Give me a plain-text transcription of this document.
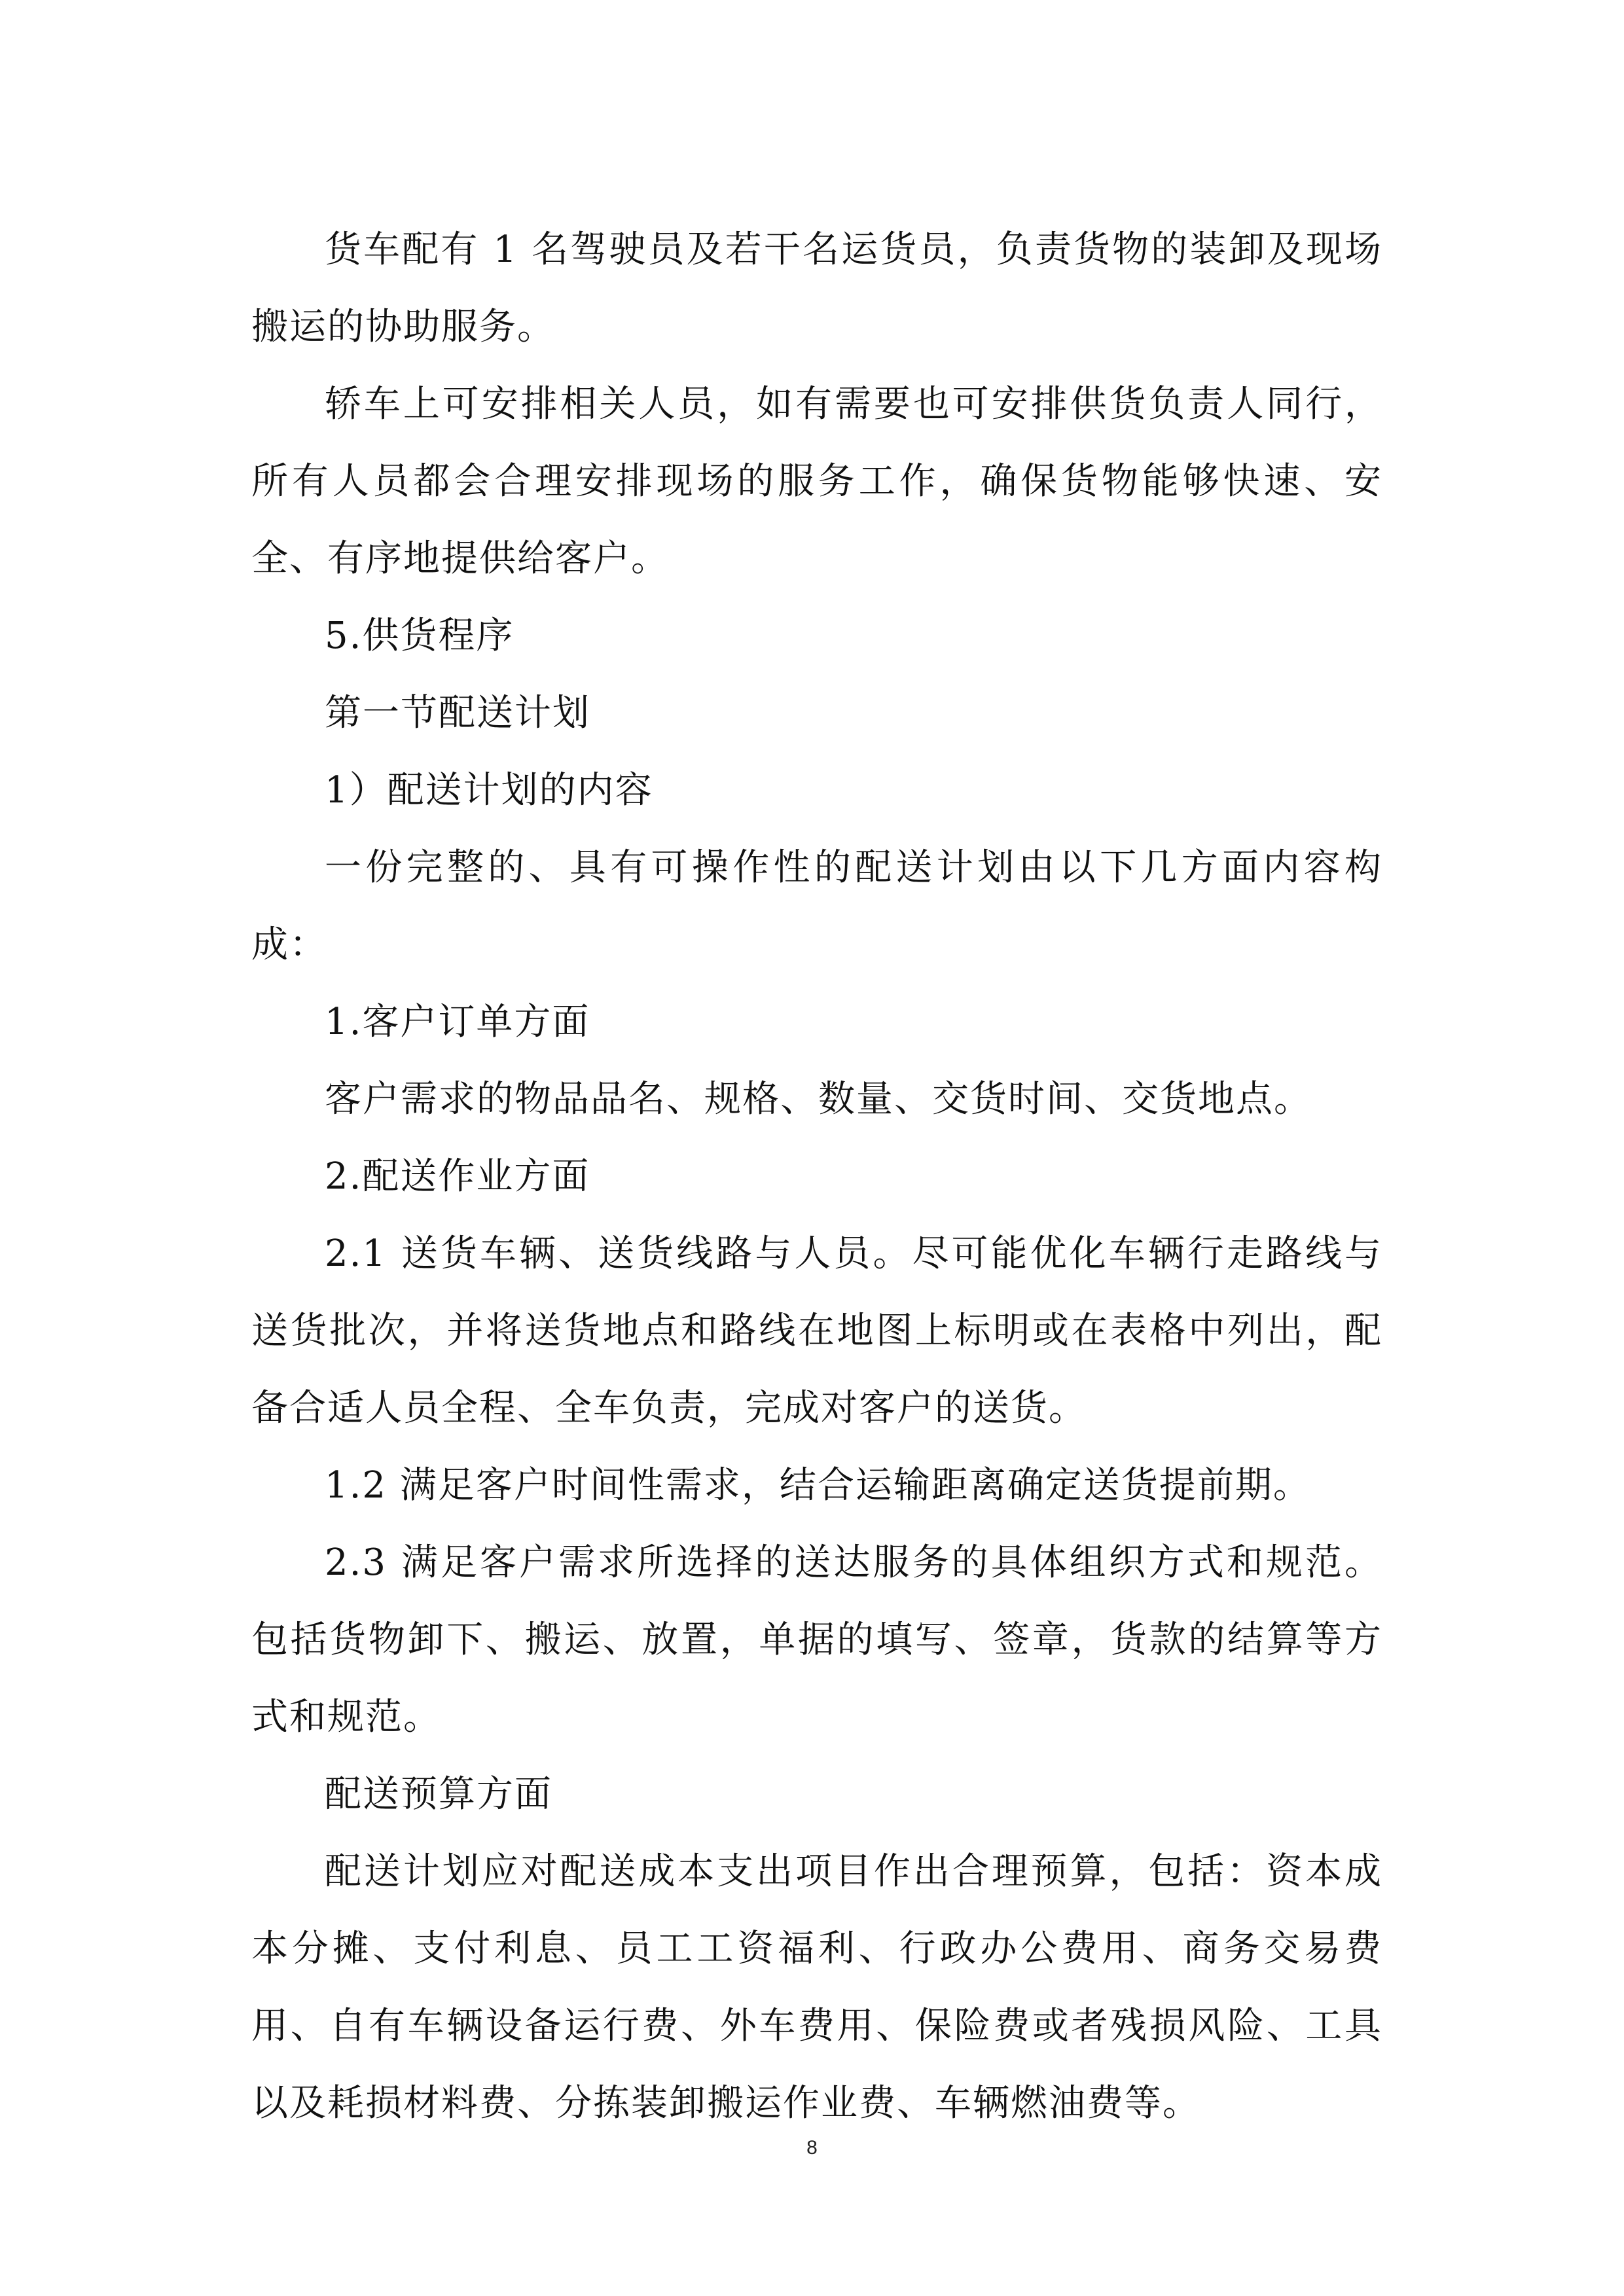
货车配有 1 名驾驶员及若干名运货员，负责货物的装卸及现场搬运的协助服务。

轿车上可安排相关人员，如有需要也可安排供货负责人同行，所有人员都会合理安排现场的服务工作，确保货物能够快速、安全、有序地提供给客户。

5.供货程序

第一节配送计划

1）配送计划的内容

一份完整的、具有可操作性的配送计划由以下几方面内容构成：

1.客户订单方面

客户需求的物品品名、规格、数量、交货时间、交货地点。

2.配送作业方面

2.1 送货车辆、送货线路与人员。尽可能优化车辆行走路线与送货批次，并将送货地点和路线在地图上标明或在表格中列出，配备合适人员全程、全车负责，完成对客户的送货。

1.2 满足客户时间性需求，结合运输距离确定送货提前期。

2.3 满足客户需求所选择的送达服务的具体组织方式和规范。包括货物卸下、搬运、放置，单据的填写、签章，货款的结算等方式和规范。

配送预算方面

配送计划应对配送成本支出项目作出合理预算，包括：资本成本分摊、支付利息、员工工资福利、行政办公费用、商务交易费用、自有车辆设备运行费、外车费用、保险费或者残损风险、工具以及耗损材料费、分拣装卸搬运作业费、车辆燃油费等。

8
